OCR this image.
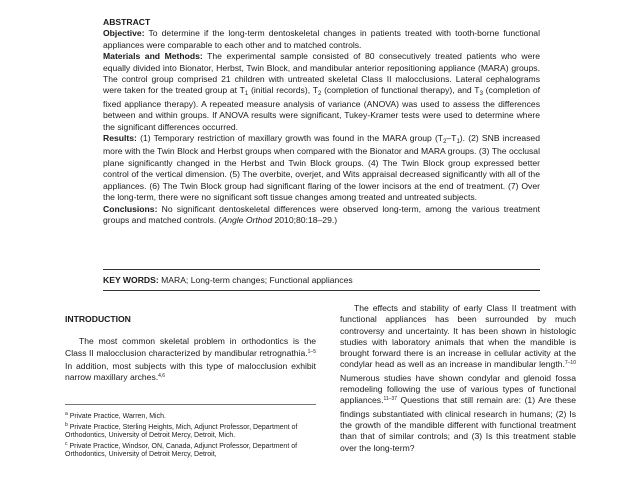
ABSTRACT

Objective: To determine if the long-term dentoskeletal changes in patients treated with tooth-borne functional appliances were comparable to each other and to matched controls.

Materials and Methods: The experimental sample consisted of 80 consecutively treated patients who were equally divided into Bionator, Herbst, Twin Block, and mandibular anterior repositioning appliance (MARA) groups. The control group comprised 21 children with untreated skeletal Class II malocclusions. Lateral cephalograms were taken for the treated group at $T_1$ (initial records), $T_2$ (completion of functional therapy), and $T_3$ (completion of fixed appliance therapy). A repeated measure analysis of variance (ANOVA) was used to assess the differences between and within groups. If ANOVA results were significant, Tukey-Kramer tests were used to determine where the significant differences occurred.

Results: (1) Temporary restriction of maxillary growth was found in the MARA group $(T_2-T_1)$. (2) SNB increased more with the Twin Block and Herbst groups when compared with the Bionator and MARA groups. (3) The occlusal plane significantly changed in the Herbst and Twin Block groups. (4) The Twin Block group expressed better control of the vertical dimension. (5) The overbite, overjet, and Wits appraisal decreased significantly with all of the appliances. (6) The Twin Block group had significant flaring of the lower incisors at the end of treatment. (7) Over the long-term, there were no significant soft tissue changes among treated and untreated subjects.

Conclusions: No significant dentoskeletal differences were observed long-term, among the various treatment groups and matched controls. (Angle Orthod 2010;80:18–29.)

KEY WORDS: MARA; Long-term changes; Functional appliances
INTRODUCTION

The most common skeletal problem in orthodontics is the Class II malocclusion characterized by mandibular retrognathia.$^{1-5}$ In addition, most subjects with this type of malocclusion exhibit narrow maxillary arches.$^{4,6}$

The effects and stability of early Class II treatment with functional appliances has been surrounded by much controversy and uncertainty. It has been shown in histologic studies with laboratory animals that when the mandible is brought forward there is an increase in cellular activity at the condylar head as well as an increase in mandibular length.$^{7-10}$ Numerous studies have shown condylar and glenoid fossa remodeling following the use of various types of functional appliances.$^{11-37}$ Questions that still remain are: (1) Are these findings substantiated with clinical research in humans; (2) Is the growth of the mandible different with functional treatment than that of similar controls; and (3) Is this treatment stable over the long-term?

$^a$ Private Practice, Warren, Mich.

$^b$ Private Practice, Sterling Heights, Mich, Adjunct Professor, Department of Orthodontics, University of Detroit Mercy, Detroit, Mich.

$^c$ Private Practice, Windsor, ON, Canada, Adjunct Professor, Department of Orthodontics, University of Detroit Mercy, Detroit,
